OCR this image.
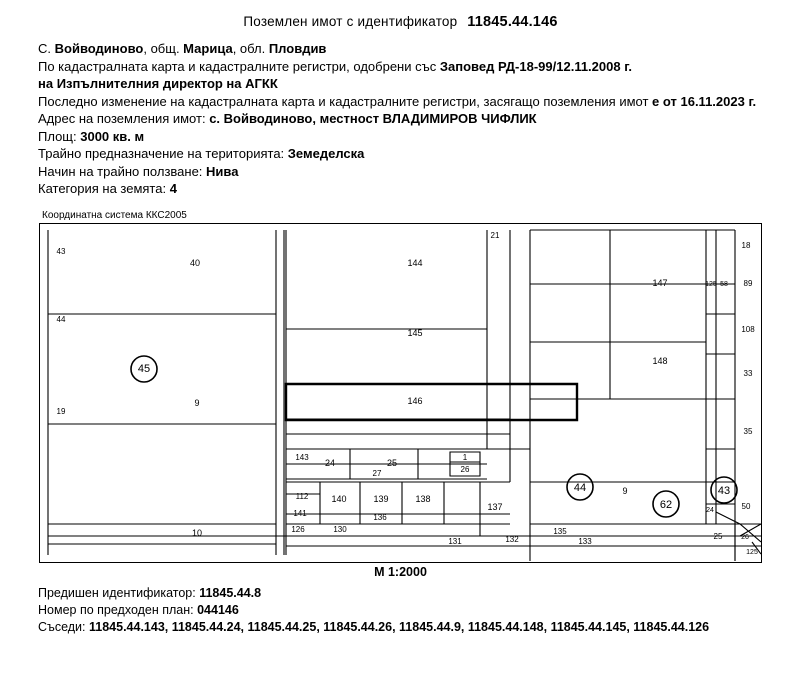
Поземлен имот с идентификатор 11845.44.146
С. Войводиново, общ. Марица, обл. Пловдив
По кадастралната карта и кадастралните регистри, одобрени със Заповед РД-18-99/12.11.2008 г.
на Изпълнителния директор на АГКК
Последно изменение на кадастралната карта и кадастралните регистри, засягащо поземления имот е от 16.11.2023 г.
Адрес на поземления имот: с. Войводиново, местност ВЛАДИМИРОВ ЧИФЛИК
Площ: 3000 кв. м
Трайно предназначение на територията: Земеделска
Начин на трайно ползване: Нива
Категория на земята: 4
Координатна система ККС2005
43
44
19
40
45
9
10
144
145
146
21
143
24	25
27
1
26
112	140	139	138
137
141
126	130
136
131	132
135
133
44	9
147
148
125 58
18
89
108
33
35
43
62	24	50
25	26
125
М 1:2000
Предишен идентификатор: 11845.44.8
Номер по предходен план: 044146
Съседи: 11845.44.143, 11845.44.24, 11845.44.25, 11845.44.26, 11845.44.9, 11845.44.148, 11845.44.145, 11845.44.126
